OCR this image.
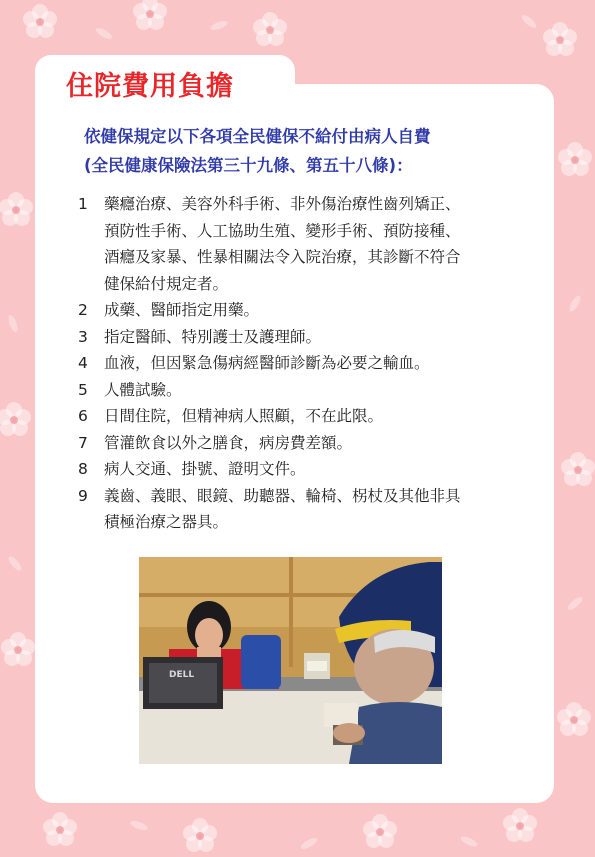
住院費用負擔

依健保規定以下各項全民健保不給付由病人自費
(全民健康保險法第三十九條、第五十八條)：

1	藥癮治療、美容外科手術、非外傷治療性齒列矯正、
預防性手術、人工協助生殖、變形手術、預防接種、
酒癮及家暴、性暴相關法令入院治療，其診斷不符合
健保給付規定者。
2	成藥、醫師指定用藥。
3	指定醫師、特別護士及護理師。
4	血液，但因緊急傷病經醫師診斷為必要之輸血。
5	人體試驗。
6	日間住院，但精神病人照顧，不在此限。
7	管灌飲食以外之膳食，病房費差額。
8	病人交通、掛號、證明文件。
9	義齒、義眼、眼鏡、助聽器、輪椅、柺杖及其他非具
積極治療之器具。
DELL
